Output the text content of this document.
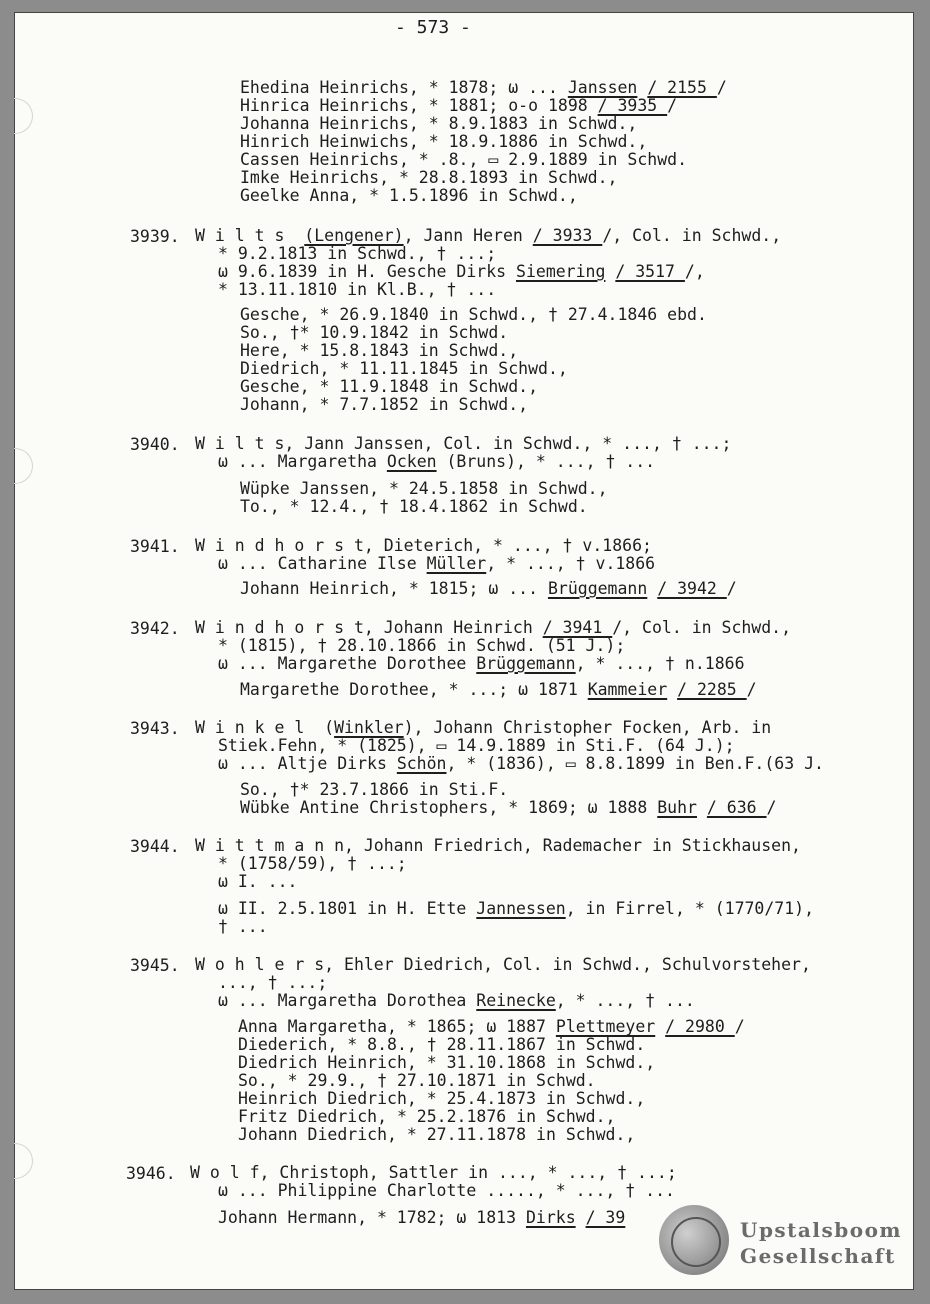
- 573 -
3939.
3940.
3941.
3942.
3943.
3944.
3945.
3946.
Ehedina Heinrichs, * 1878; ω ... Janssen / 2155 /
Hinrica Heinrichs, * 1881; o-o 1898 / 3935 /
Johanna Heinrichs, * 8.9.1883 in Schwd.,
Hinrich Heinwichs, * 18.9.1886 in Schwd.,
Cassen Heinrichs, * .8., ▭ 2.9.1889 in Schwd.
Imke Heinrichs, * 28.8.1893 in Schwd.,
Geelke Anna, * 1.5.1896 in Schwd.,
W i l t s  (Lengener), Jann Heren / 3933 /, Col. in Schwd.,
* 9.2.1813 in Schwd., † ...;
ω 9.6.1839 in H. Gesche Dirks Siemering / 3517 /,
* 13.11.1810 in Kl.B., † ...
Gesche, * 26.9.1840 in Schwd., † 27.4.1846 ebd.
So., †* 10.9.1842 in Schwd.
Here, * 15.8.1843 in Schwd.,
Diedrich, * 11.11.1845 in Schwd.,
Gesche, * 11.9.1848 in Schwd.,
Johann, * 7.7.1852 in Schwd.,
W i l t s, Jann Janssen, Col. in Schwd., * ..., † ...;
ω ... Margaretha Ocken (Bruns), * ..., † ...
Wüpke Janssen, * 24.5.1858 in Schwd.,
To., * 12.4., † 18.4.1862 in Schwd.
W i n d h o r s t, Dieterich, * ..., † v.1866;
ω ... Catharine Ilse Müller, * ..., † v.1866
Johann Heinrich, * 1815; ω ... Brüggemann / 3942 /
W i n d h o r s t, Johann Heinrich / 3941 /, Col. in Schwd.,
* (1815), † 28.10.1866 in Schwd. (51 J.);
ω ... Margarethe Dorothee Brüggemann, * ..., † n.1866
Margarethe Dorothee, * ...; ω 1871 Kammeier / 2285 /
W i n k e l  (Winkler), Johann Christopher Focken, Arb. in
Stiek.Fehn, * (1825), ▭ 14.9.1889 in Sti.F. (64 J.);
ω ... Altje Dirks Schön, * (1836), ▭ 8.8.1899 in Ben.F.(63 J.
So., †* 23.7.1866 in Sti.F.
Wübke Antine Christophers, * 1869; ω 1888 Buhr / 636 /
W i t t m a n n, Johann Friedrich, Rademacher in Stickhausen,
* (1758/59), † ...;
ω I. ...
ω II. 2.5.1801 in H. Ette Jannessen, in Firrel, * (1770/71),
† ...
W o h l e r s, Ehler Diedrich, Col. in Schwd., Schulvorsteher,
..., † ...;
ω ... Margaretha Dorothea Reinecke, * ..., † ...
Anna Margaretha, * 1865; ω 1887 Plettmeyer / 2980 /
Diederich, * 8.8., † 28.11.1867 in Schwd.
Diedrich Heinrich, * 31.10.1868 in Schwd.,
So., * 29.9., † 27.10.1871 in Schwd.
Heinrich Diedrich, * 25.4.1873 in Schwd.,
Fritz Diedrich, * 25.2.1876 in Schwd.,
Johann Diedrich, * 27.11.1878 in Schwd.,
W o l f, Christoph, Sattler in ..., * ..., † ...;
ω ... Philippine Charlotte ....., * ..., † ...
Johann Hermann, * 1782; ω 1813 Dirks / 39
Upstalsboom
Gesellschaft
